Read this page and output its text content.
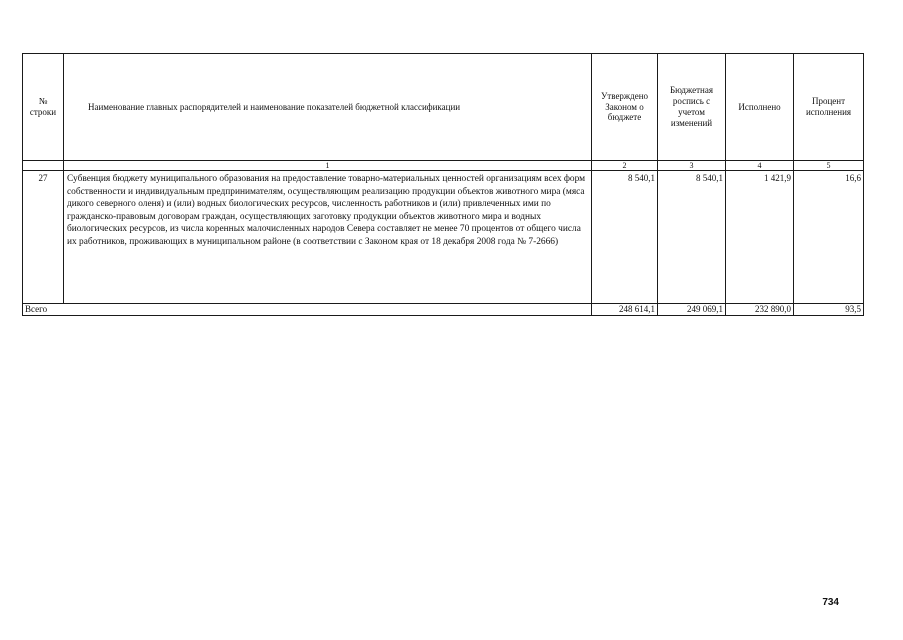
№ строки	Наименование главных распорядителей и наименование показателей бюджетной классификации	Утверждено Законом о бюджете	Бюджетная роспись с учетом изменений	Исполнено	Процент исполнения
	1	2	3	4	5
27	Субвенция бюджету муниципального образования на предоставление товарно-материальных ценностей организациям всех форм собственности и индивидуальным предпринимателям, осуществляющим реализацию продукции объектов животного мира (мяса дикого северного оленя) и (или) водных биологических ресурсов, численность работников и (или) привлеченных ими по гражданско-правовым договорам граждан, осуществляющих заготовку продукции объектов животного мира и водных биологических ресурсов, из числа коренных малочисленных народов Севера составляет не менее 70 процентов от общего числа их работников, проживающих в муниципальном районе (в соответствии с Законом края от 18 декабря 2008 года № 7-2666)	8 540,1	8 540,1	1 421,9	16,6
Всего		248 614,1	249 069,1	232 890,0	93,5
734
